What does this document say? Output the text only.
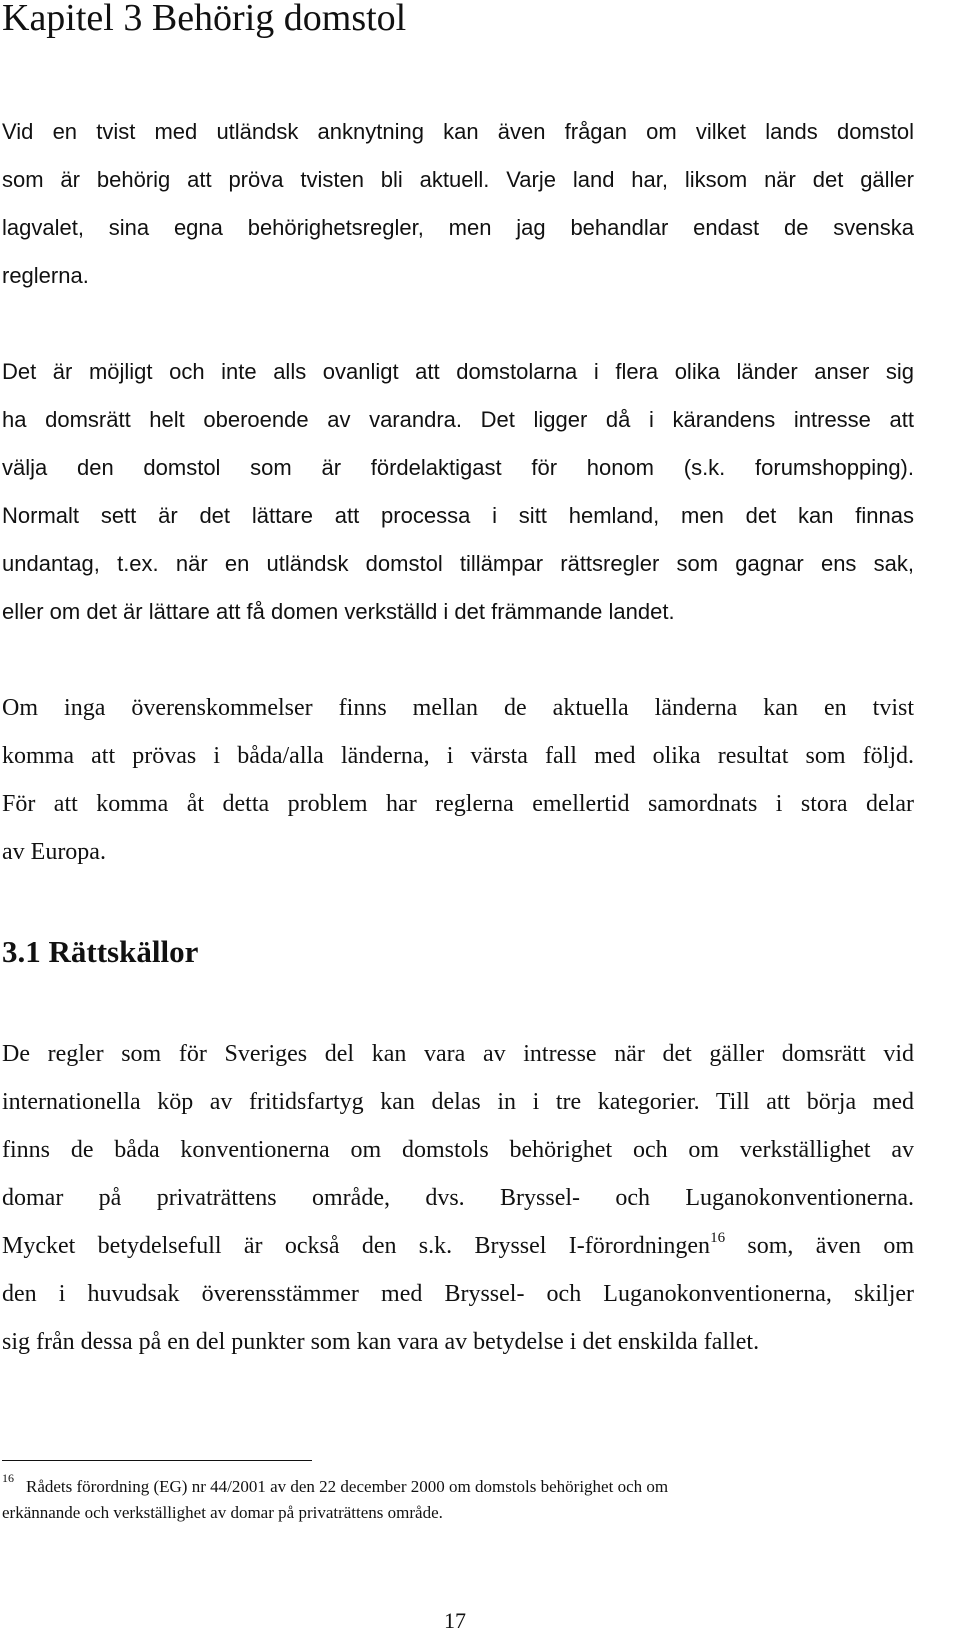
Kapitel 3 Behörig domstol

Vid en tvist med utländsk anknytning kan även frågan om vilket lands domstol
som är behörig att pröva tvisten bli aktuell. Varje land har, liksom när det gäller
lagvalet, sina egna behörighetsregler, men jag behandlar endast de svenska
reglerna.

Det är möjligt och inte alls ovanligt att domstolarna i flera olika länder anser sig
ha domsrätt helt oberoende av varandra. Det ligger då i kärandens intresse att
välja den domstol som är fördelaktigast för honom (s.k. forumshopping).
Normalt sett är det lättare att processa i sitt hemland, men det kan finnas
undantag, t.ex. när en utländsk domstol tillämpar rättsregler som gagnar ens sak,
eller om det är lättare att få domen verkställd i det främmande landet.

Om inga överenskommelser finns mellan de aktuella länderna kan en tvist
komma att prövas i båda/alla länderna, i värsta fall med olika resultat som följd.
För att komma åt detta problem har reglerna emellertid samordnats i stora delar
av Europa.

3.1 Rättskällor

De regler som för Sveriges del kan vara av intresse när det gäller domsrätt vid
internationella köp av fritidsfartyg kan delas in i tre kategorier. Till att börja med
finns de båda konventionerna om domstols behörighet och om verkställighet av
domar på privaträttens område, dvs. Bryssel- och Luganokonventionerna.
Mycket betydelsefull är också den s.k. Bryssel I-förordningen$^{16}$ som, även om
den i huvudsak överensstämmer med Bryssel- och Luganokonventionerna, skiljer
sig från dessa på en del punkter som kan vara av betydelse i det enskilda fallet.

$^{16}$ Rådets förordning (EG) nr 44/2001 av den 22 december 2000 om domstols behörighet och om
erkännande och verkställighet av domar på privaträttens område.

17
